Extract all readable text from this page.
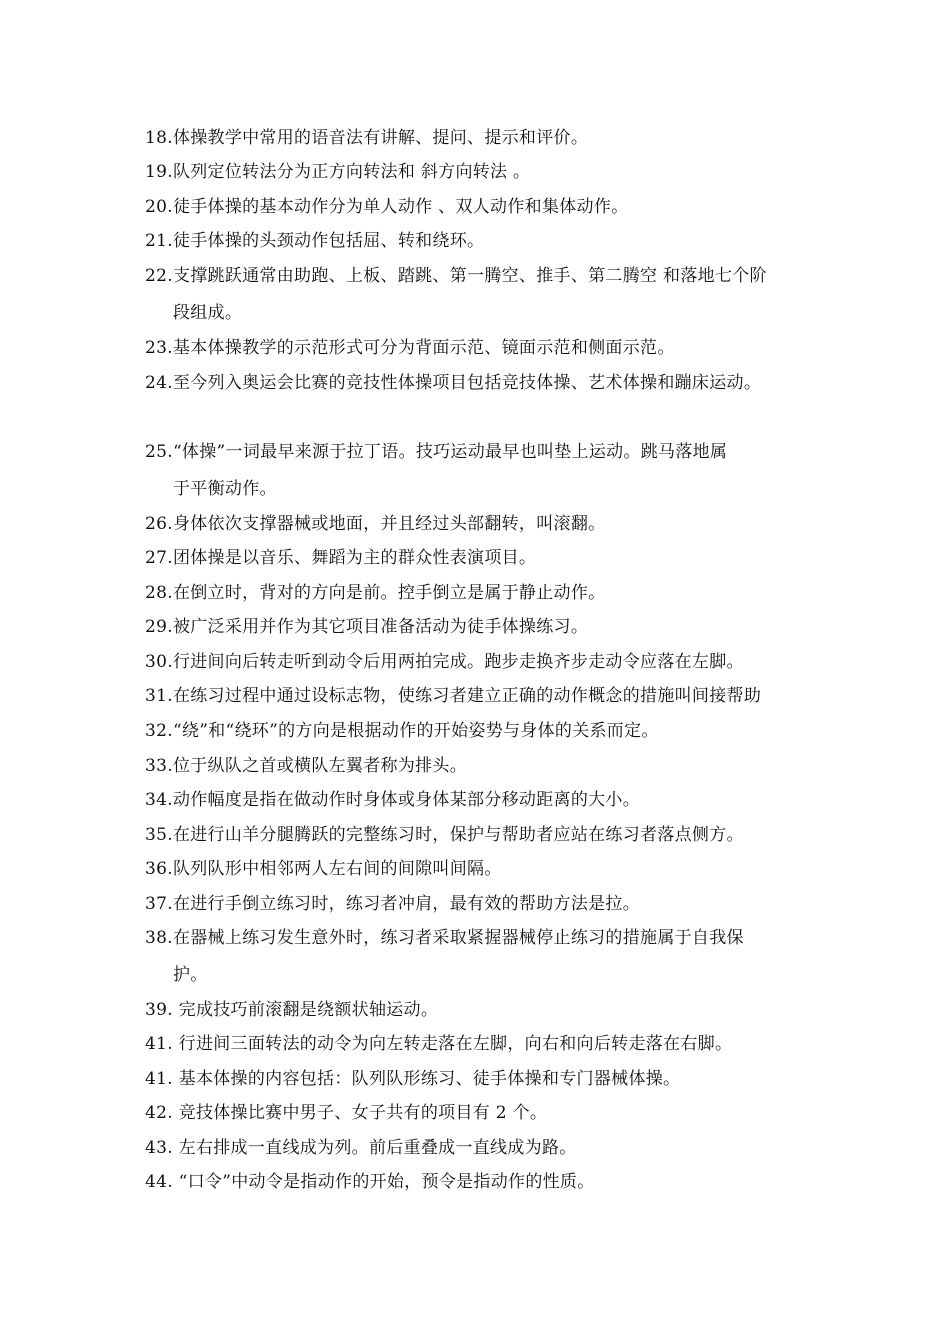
18.体操教学中常用的语音法有讲解、提问、提示和评价。
19.队列定位转法分为正方向转法和 斜方向转法 。
20.徒手体操的基本动作分为单人动作 、双人动作和集体动作。
21.徒手体操的头颈动作包括屈、转和绕环。
22.支撑跳跃通常由助跑、上板、踏跳、第一腾空、推手、第二腾空 和落地七个阶
段组成。
23.基本体操教学的示范形式可分为背面示范、镜面示范和侧面示范。
24.至今列入奥运会比赛的竞技性体操项目包括竞技体操、艺术体操和蹦床运动。
25.“体操”一词最早来源于拉丁语。技巧运动最早也叫垫上运动。跳马落地属
于平衡动作。
26.身体依次支撑器械或地面，并且经过头部翻转，叫滚翻。
27.团体操是以音乐、舞蹈为主的群众性表演项目。
28.在倒立时，背对的方向是前。控手倒立是属于静止动作。
29.被广泛采用并作为其它项目准备活动为徒手体操练习。
30.行进间向后转走听到动令后用两拍完成。跑步走换齐步走动令应落在左脚。
31.在练习过程中通过设标志物，使练习者建立正确的动作概念的措施叫间接帮助
32.“绕”和“绕环”的方向是根据动作的开始姿势与身体的关系而定。
33.位于纵队之首或横队左翼者称为排头。
34.动作幅度是指在做动作时身体或身体某部分移动距离的大小。
35.在进行山羊分腿腾跃的完整练习时，保护与帮助者应站在练习者落点侧方。
36.队列队形中相邻两人左右间的间隙叫间隔。
37.在进行手倒立练习时，练习者冲肩，最有效的帮助方法是拉。
38.在器械上练习发生意外时，练习者采取紧握器械停止练习的措施属于自我保
护。
39. 完成技巧前滚翻是绕额状轴运动。
41. 行进间三面转法的动令为向左转走落在左脚，向右和向后转走落在右脚。
41. 基本体操的内容包括：队列队形练习、徒手体操和专门器械体操。
42. 竞技体操比赛中男子、女子共有的项目有 2 个。
43. 左右排成一直线成为列。前后重叠成一直线成为路。
44. “口令”中动令是指动作的开始，预令是指动作的性质。
